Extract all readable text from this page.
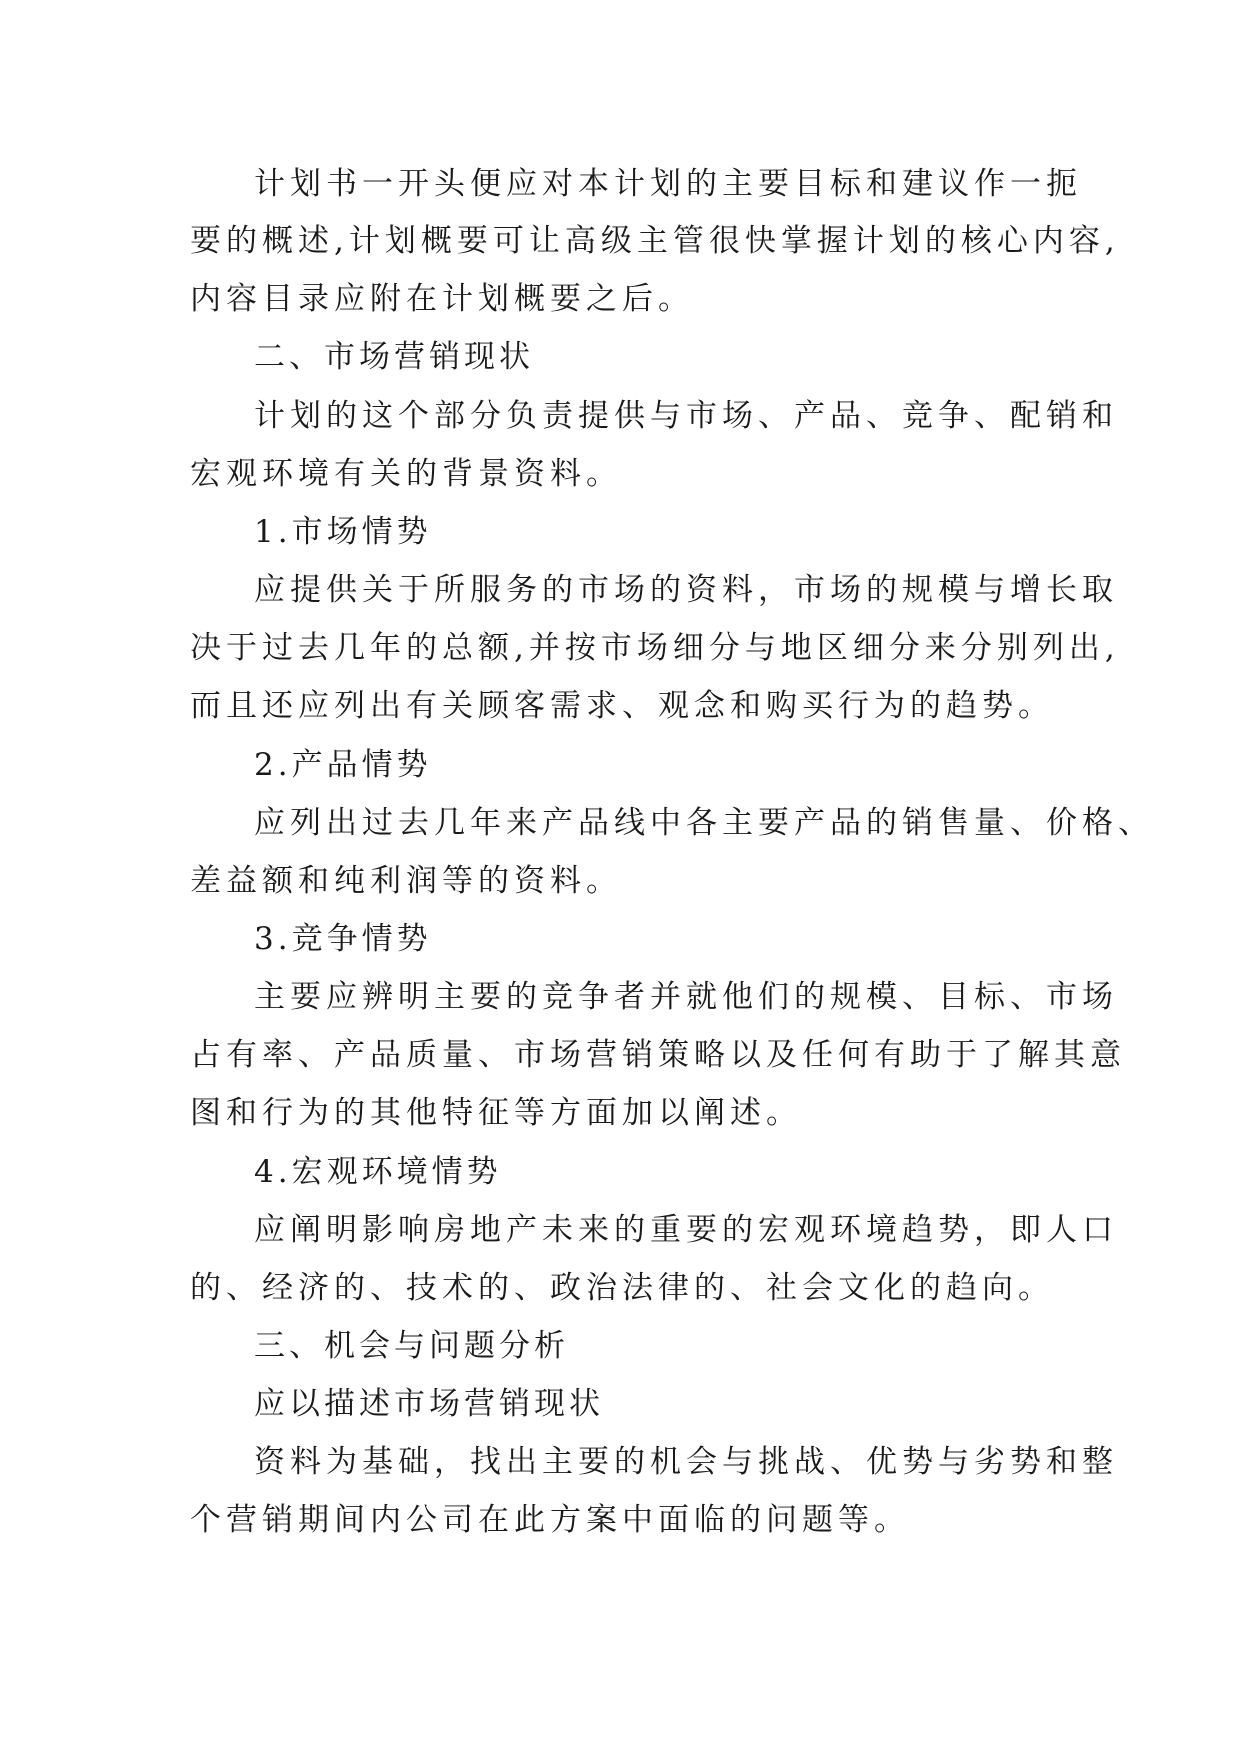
计划书一开头便应对本计划的主要目标和建议作一扼
要的概述,计划概要可让高级主管很快掌握计划的核心内容,
内容目录应附在计划概要之后。
二、市场营销现状
计划的这个部分负责提供与市场、产品、竞争、配销和
宏观环境有关的背景资料。
1.市场情势
应提供关于所服务的市场的资料，市场的规模与增长取
决于过去几年的总额,并按市场细分与地区细分来分别列出,
而且还应列出有关顾客需求、观念和购买行为的趋势。
2.产品情势
应列出过去几年来产品线中各主要产品的销售量、价格、
差益额和纯利润等的资料。
3.竞争情势
主要应辨明主要的竞争者并就他们的规模、目标、市场
占有率、产品质量、市场营销策略以及任何有助于了解其意
图和行为的其他特征等方面加以阐述。
4.宏观环境情势
应阐明影响房地产未来的重要的宏观环境趋势，即人口
的、经济的、技术的、政治法律的、社会文化的趋向。
三、机会与问题分析
应以描述市场营销现状
资料为基础，找出主要的机会与挑战、优势与劣势和整
个营销期间内公司在此方案中面临的问题等。
